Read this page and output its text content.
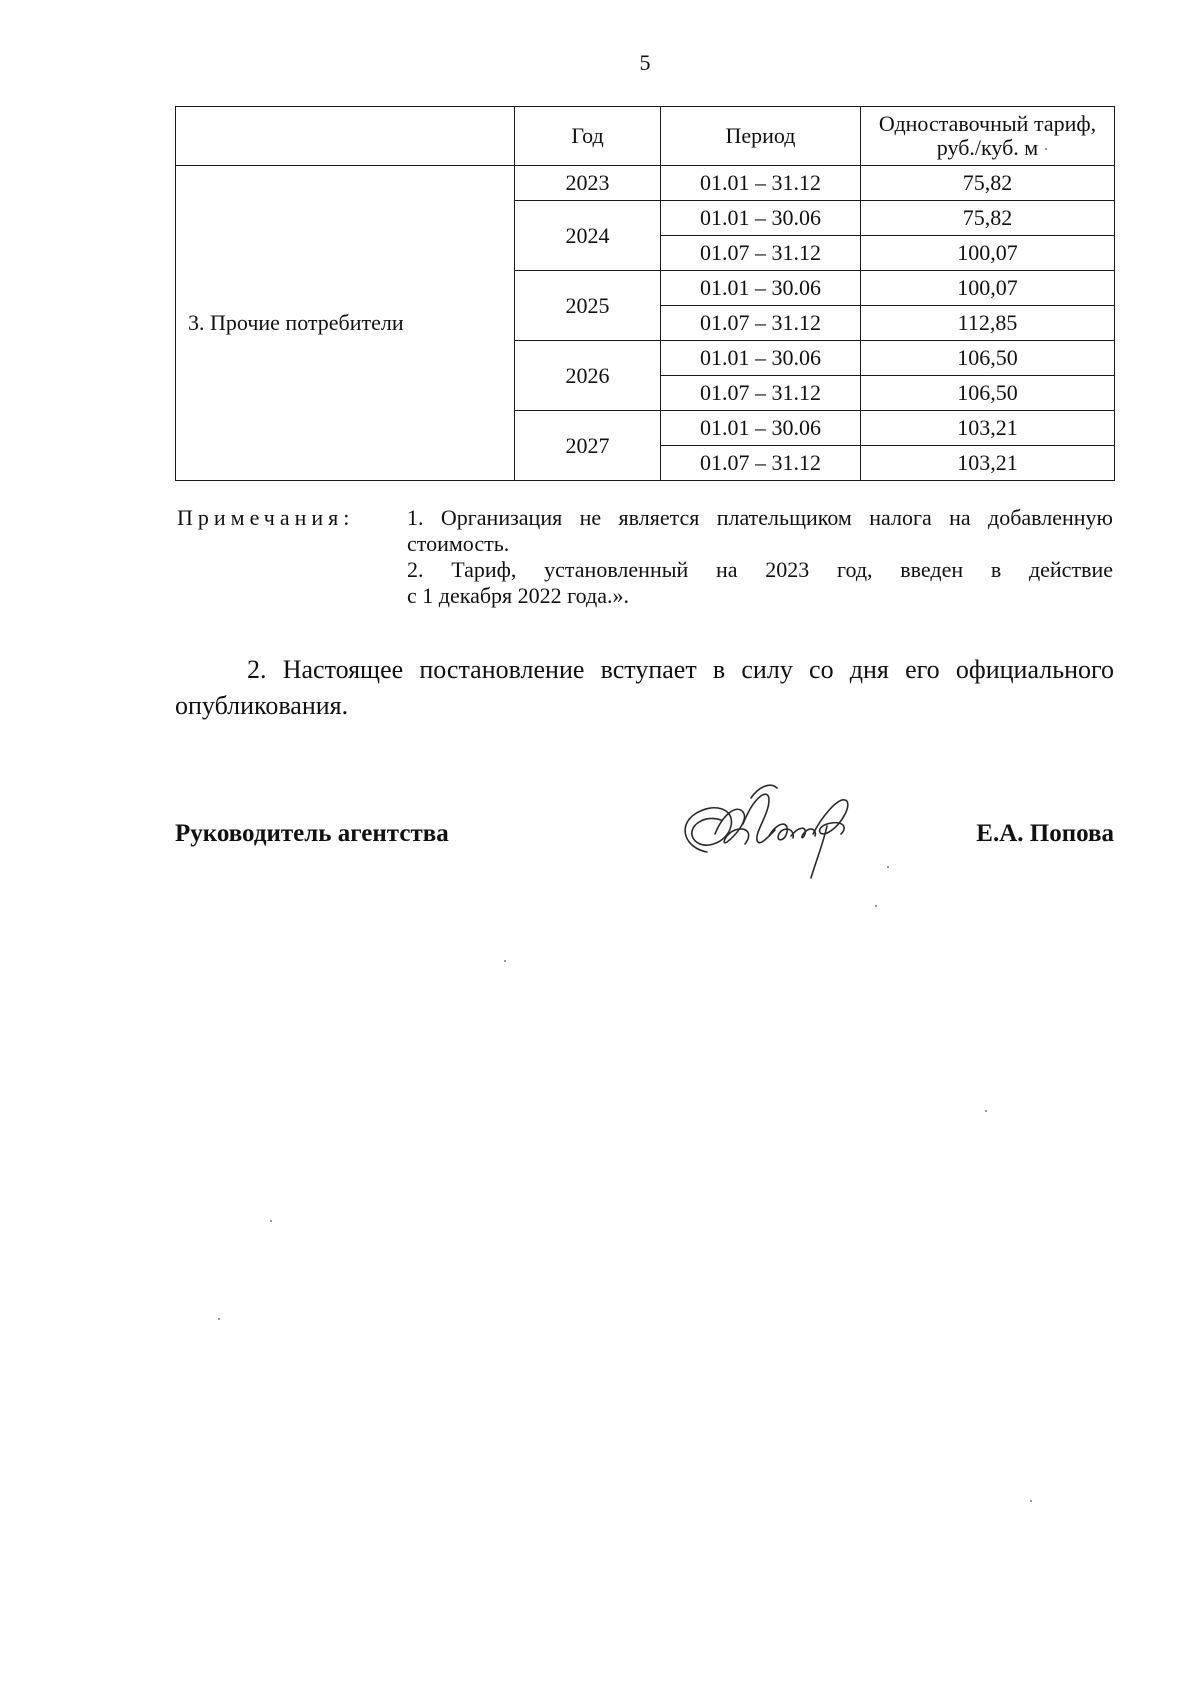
5
	Год	Период	Одноставочный тариф,
руб./куб. м
3. Прочие потребители	2023	01.01 – 31.12	75,82
	2024	01.01 – 30.06	75,82
		01.07 – 31.12	100,07
	2025	01.01 – 30.06	100,07
		01.07 – 31.12	112,85
	2026	01.01 – 30.06	106,50
		01.07 – 31.12	106,50
	2027	01.01 – 30.06	103,21
		01.07 – 31.12	103,21
Примечания: 1. Организация не является плательщиком налога на добавленную
стоимость.
2. Тариф, установленный на 2023 год, введен в действие
с 1 декабря 2022 года.».
2. Настоящее постановление вступает в силу со дня его официального опубликования.
Руководитель агентства	Е.А. Попова
